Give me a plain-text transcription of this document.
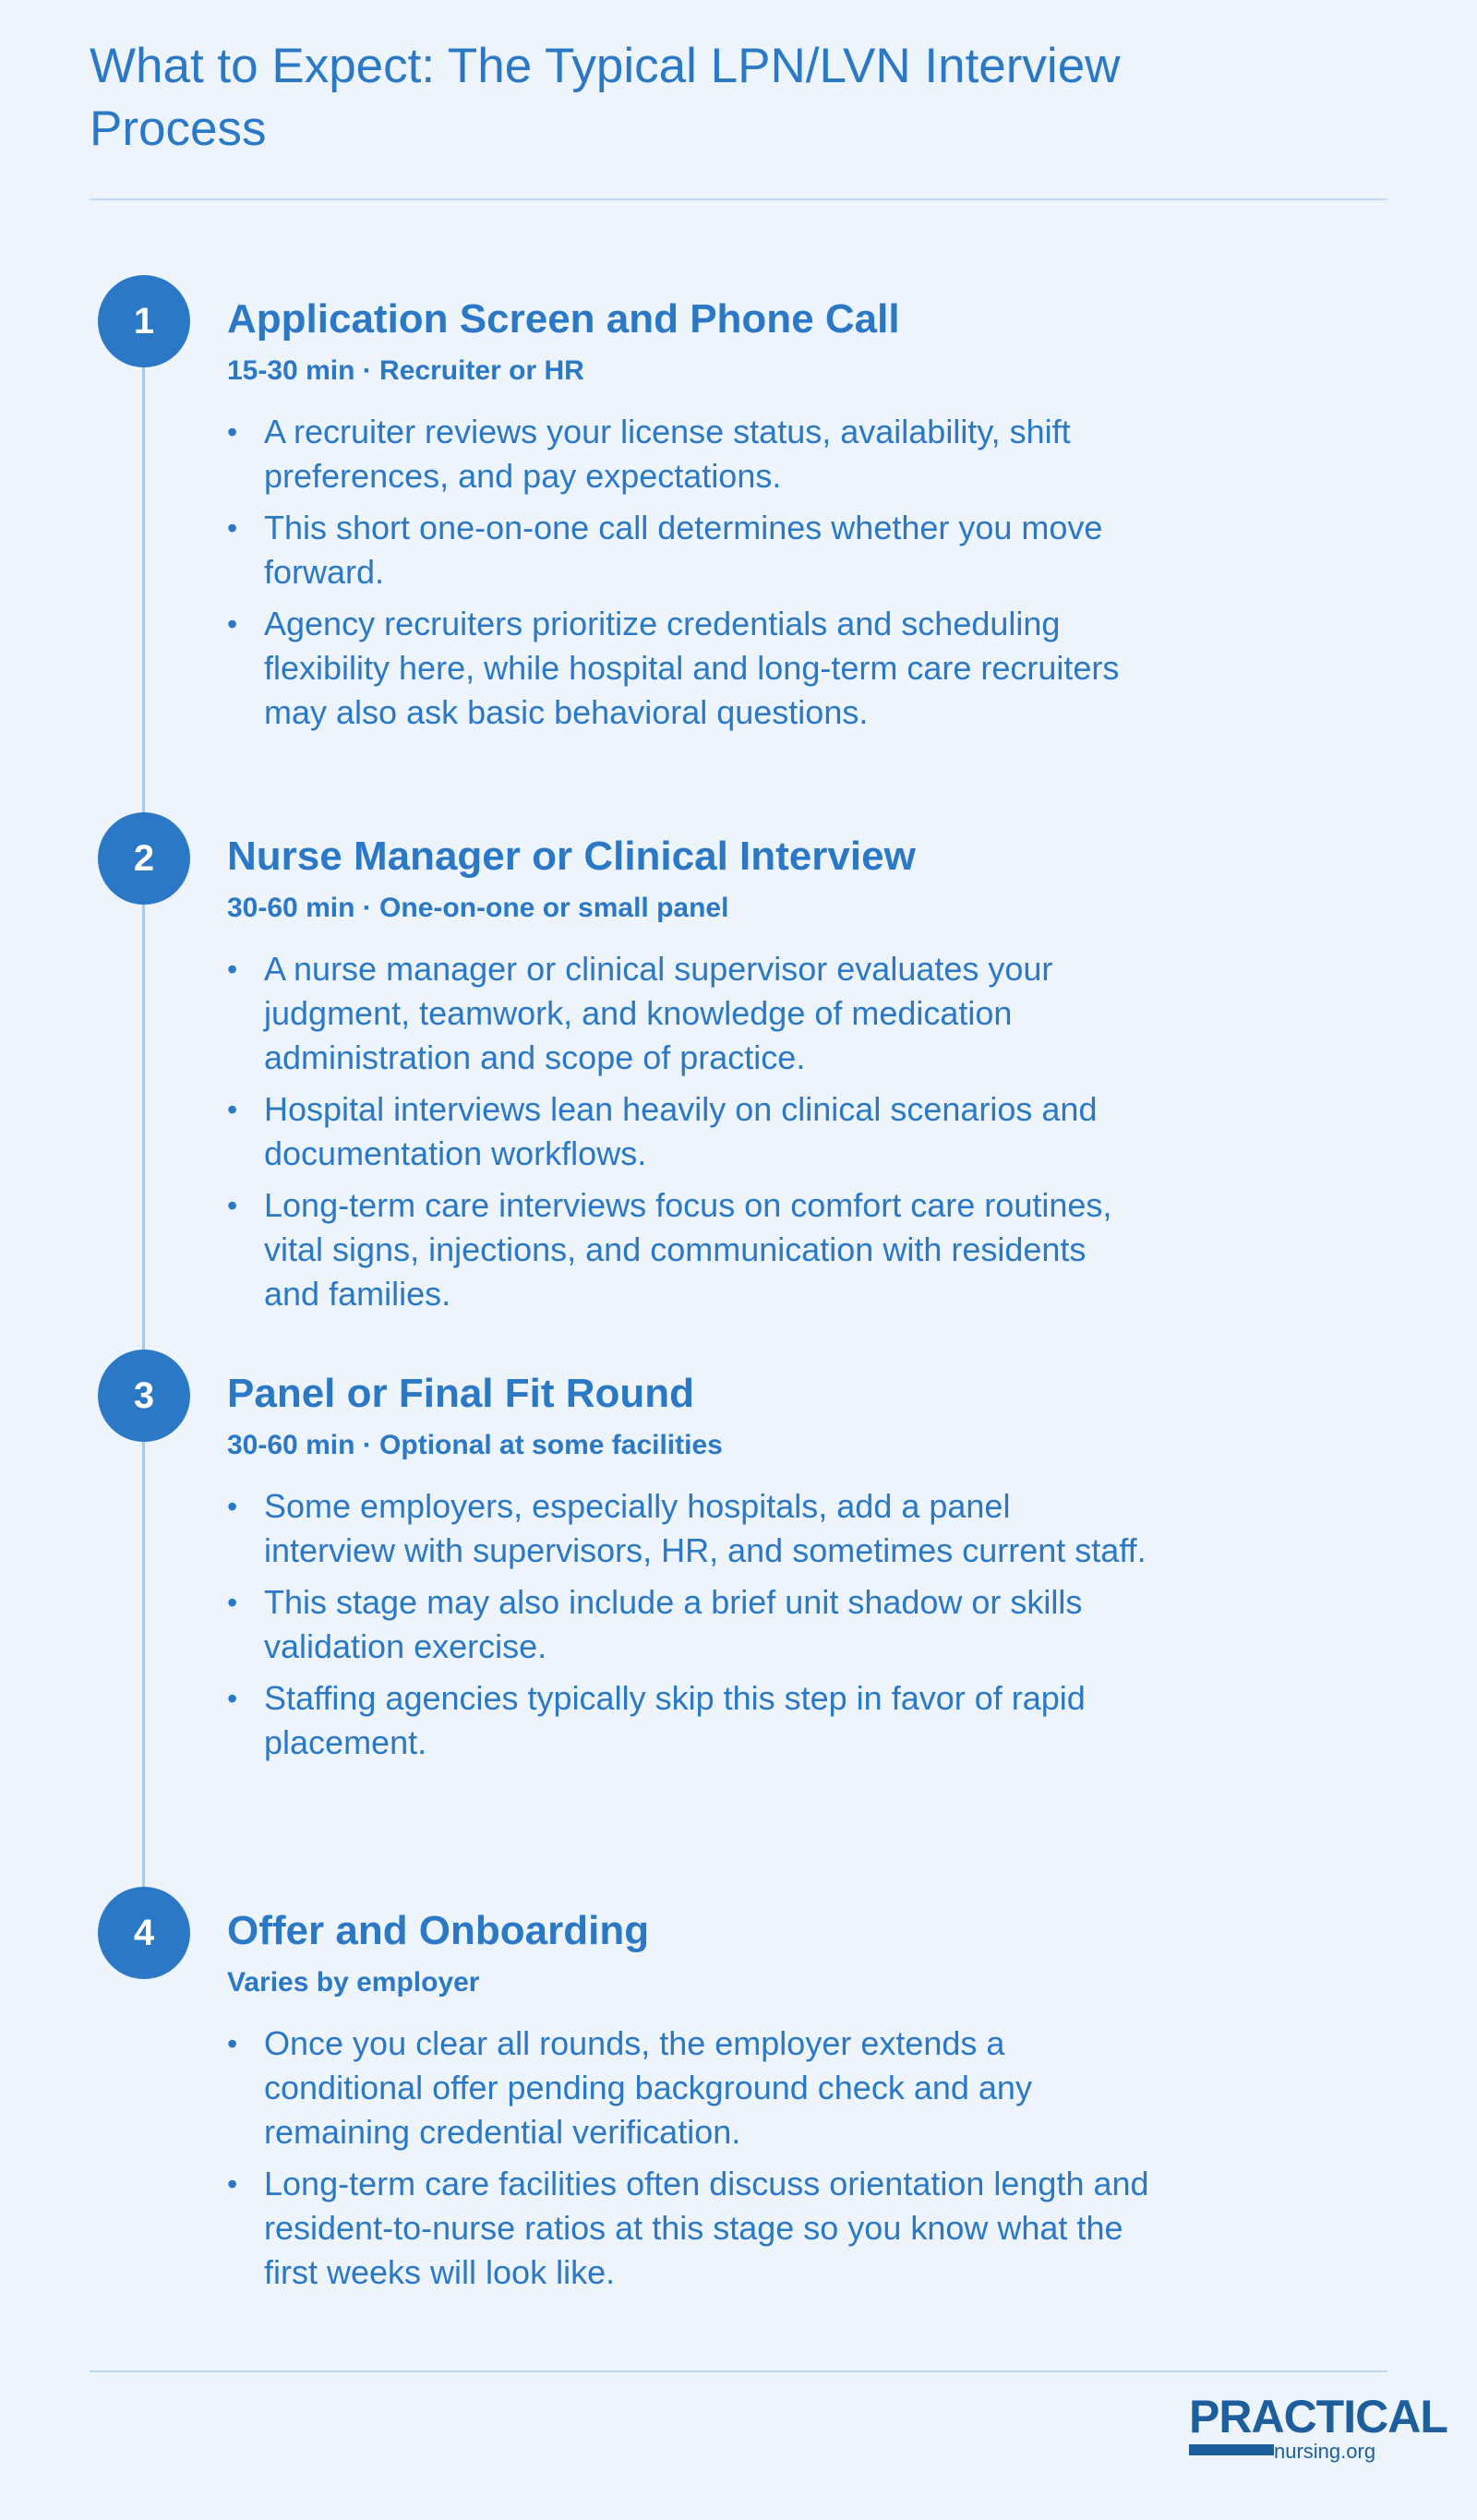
What to Expect: The Typical LPN/LVN Interview Process
1	Application Screen and Phone Call
15-30 min · Recruiter or HR
• A recruiter reviews your license status, availability, shift preferences, and pay expectations.
• This short one-on-one call determines whether you move forward.
• Agency recruiters prioritize credentials and scheduling flexibility here, while hospital and long-term care recruiters may also ask basic behavioral questions.
2	Nurse Manager or Clinical Interview
30-60 min · One-on-one or small panel
• A nurse manager or clinical supervisor evaluates your judgment, teamwork, and knowledge of medication administration and scope of practice.
• Hospital interviews lean heavily on clinical scenarios and documentation workflows.
• Long-term care interviews focus on comfort care routines, vital signs, injections, and communication with residents and families.
3	Panel or Final Fit Round
30-60 min · Optional at some facilities
• Some employers, especially hospitals, add a panel interview with supervisors, HR, and sometimes current staff.
• This stage may also include a brief unit shadow or skills validation exercise.
• Staffing agencies typically skip this step in favor of rapid placement.
4	Offer and Onboarding
Varies by employer
• Once you clear all rounds, the employer extends a conditional offer pending background check and any remaining credential verification.
• Long-term care facilities often discuss orientation length and resident-to-nurse ratios at this stage so you know what the first weeks will look like.
PRACTICAL
nursing.org
